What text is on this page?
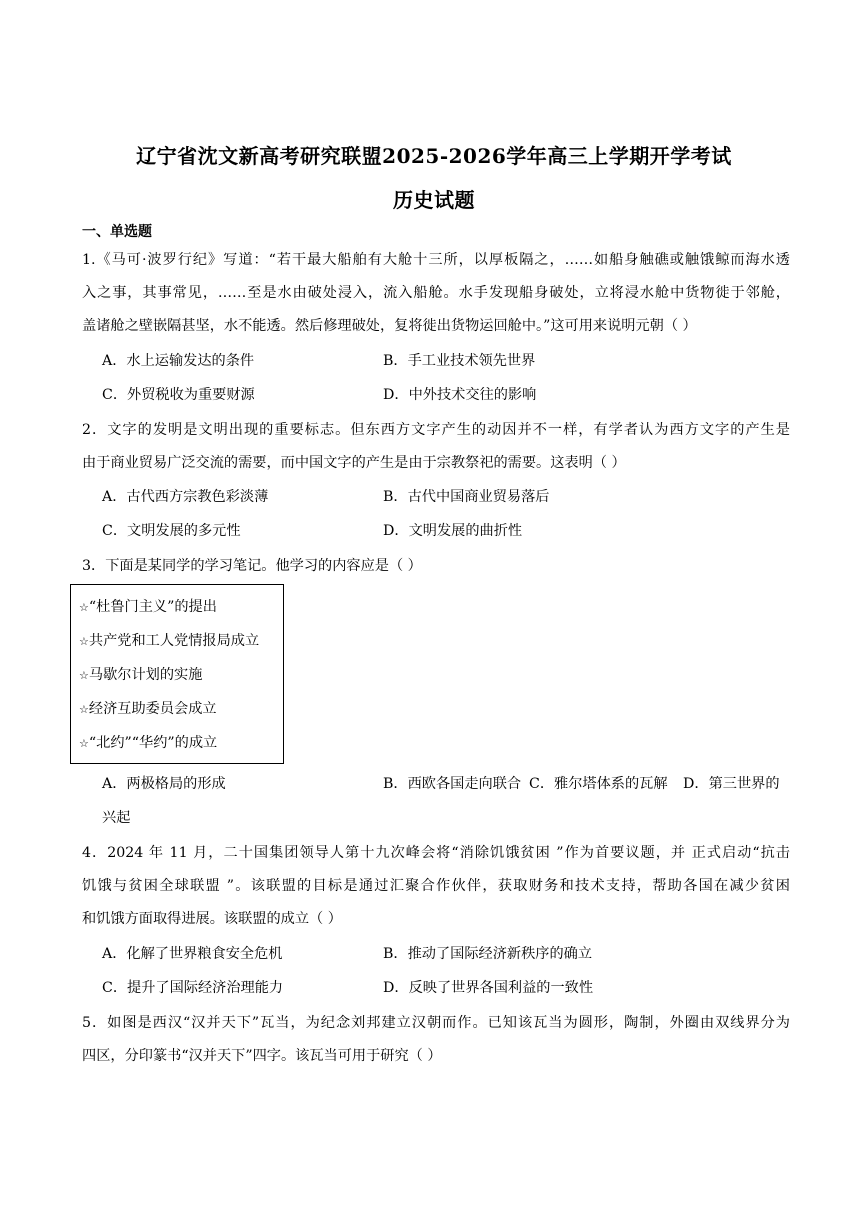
辽宁省沈文新高考研究联盟2025-2026学年高三上学期开学考试
历史试题
一、单选题
1.《马可·波罗行纪》写道：“若干最大船舶有大舱十三所，以厚板隔之，……如船身触礁或触饿鲸而海水透
入之事，其事常见，……至是水由破处浸入，流入船舱。水手发现船身破处，立将浸水舱中货物徙于邻舱，
盖诸舱之壁嵌隔甚坚，水不能透。然后修理破处，复将徙出货物运回舱中。”这可用来说明元朝（ ）
A．水上运输发达的条件	B．手工业技术领先世界
C．外贸税收为重要财源	D．中外技术交往的影响
2．文字的发明是文明出现的重要标志。但东西方文字产生的动因并不一样，有学者认为西方文字的产生是
由于商业贸易广泛交流的需要，而中国文字的产生是由于宗教祭祀的需要。这表明（ ）
A．古代西方宗教色彩淡薄	B．古代中国商业贸易落后
C．文明发展的多元性	D．文明发展的曲折性
3．下面是某同学的学习笔记。他学习的内容应是（ ）
☆“杜鲁门主义”的提出
☆共产党和工人党情报局成立
☆马歇尔计划的实施
☆经济互助委员会成立
☆“北约”“华约”的成立
A．两极格局的形成	B．西欧各国走向联合 C．雅尔塔体系的瓦解 D．第三世界的
兴起
4．2024 年 11 月，二十国集团领导人第十九次峰会将“消除饥饿贫困 ”作为首要议题，并 正式启动“抗击
饥饿与贫困全球联盟 ”。该联盟的目标是通过汇聚合作伙伴，获取财务和技术支持，帮助各国在减少贫困
和饥饿方面取得进展。该联盟的成立（ ）
A．化解了世界粮食安全危机	B．推动了国际经济新秩序的确立
C．提升了国际经济治理能力	D．反映了世界各国利益的一致性
5．如图是西汉“汉并天下”瓦当，为纪念刘邦建立汉朝而作。已知该瓦当为圆形，陶制，外圈由双线界分为
四区，分印篆书“汉并天下”四字。该瓦当可用于研究（ ）
